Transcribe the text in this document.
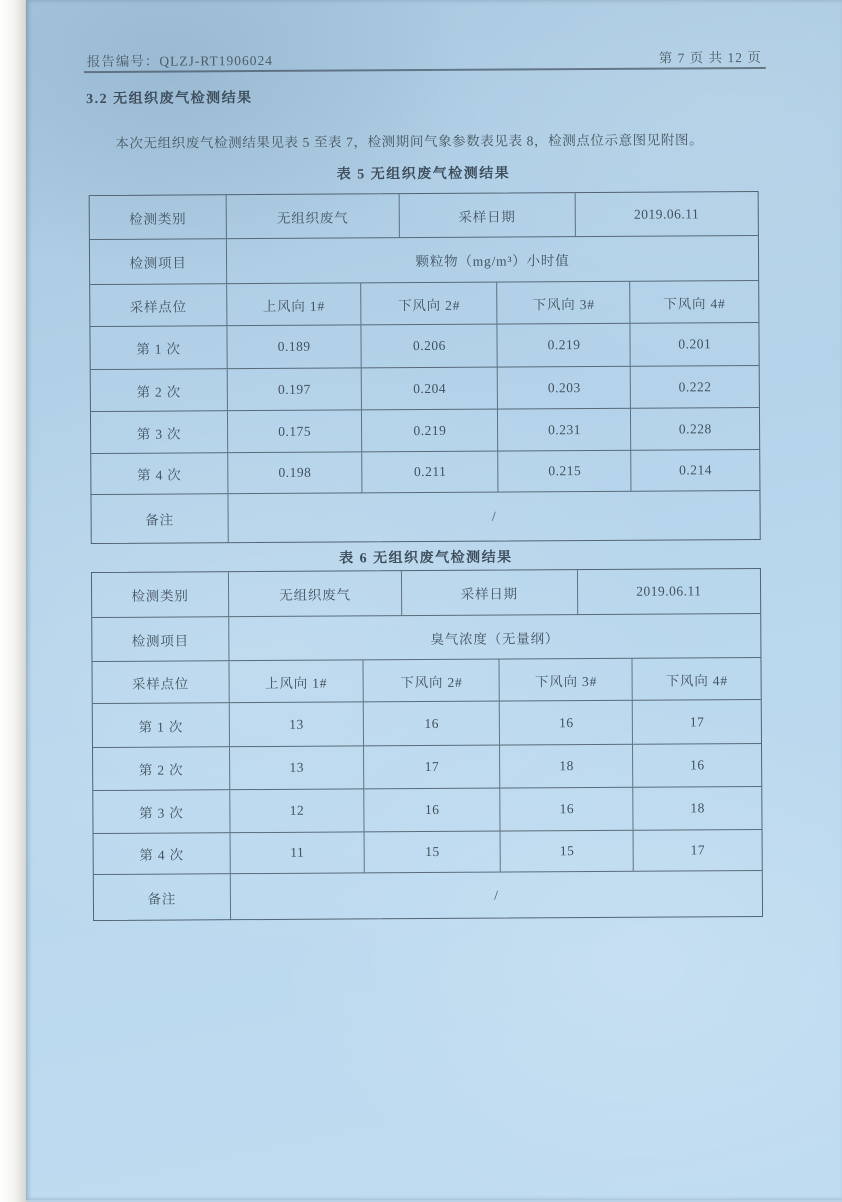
报告编号：QLZJ-RT1906024	第 7 页 共 12 页
3.2 无组织废气检测结果
本次无组织废气检测结果见表 5 至表 7，检测期间气象参数表见表 8，检测点位示意图见附图。
表 5 无组织废气检测结果
检测类别	无组织废气	采样日期	2019.06.11
检测项目	颗粒物（mg/m³）小时值
采样点位	上风向 1#	下风向 2#	下风向 3#	下风向 4#
第 1 次	0.189	0.206	0.219	0.201
第 2 次	0.197	0.204	0.203	0.222
第 3 次	0.175	0.219	0.231	0.228
第 4 次	0.198	0.211	0.215	0.214
备注	/
表 6 无组织废气检测结果
检测类别	无组织废气	采样日期	2019.06.11
检测项目	臭气浓度（无量纲）
采样点位	上风向 1#	下风向 2#	下风向 3#	下风向 4#
第 1 次	13	16	16	17
第 2 次	13	17	18	16
第 3 次	12	16	16	18
第 4 次	11	15	15	17
备注	/
